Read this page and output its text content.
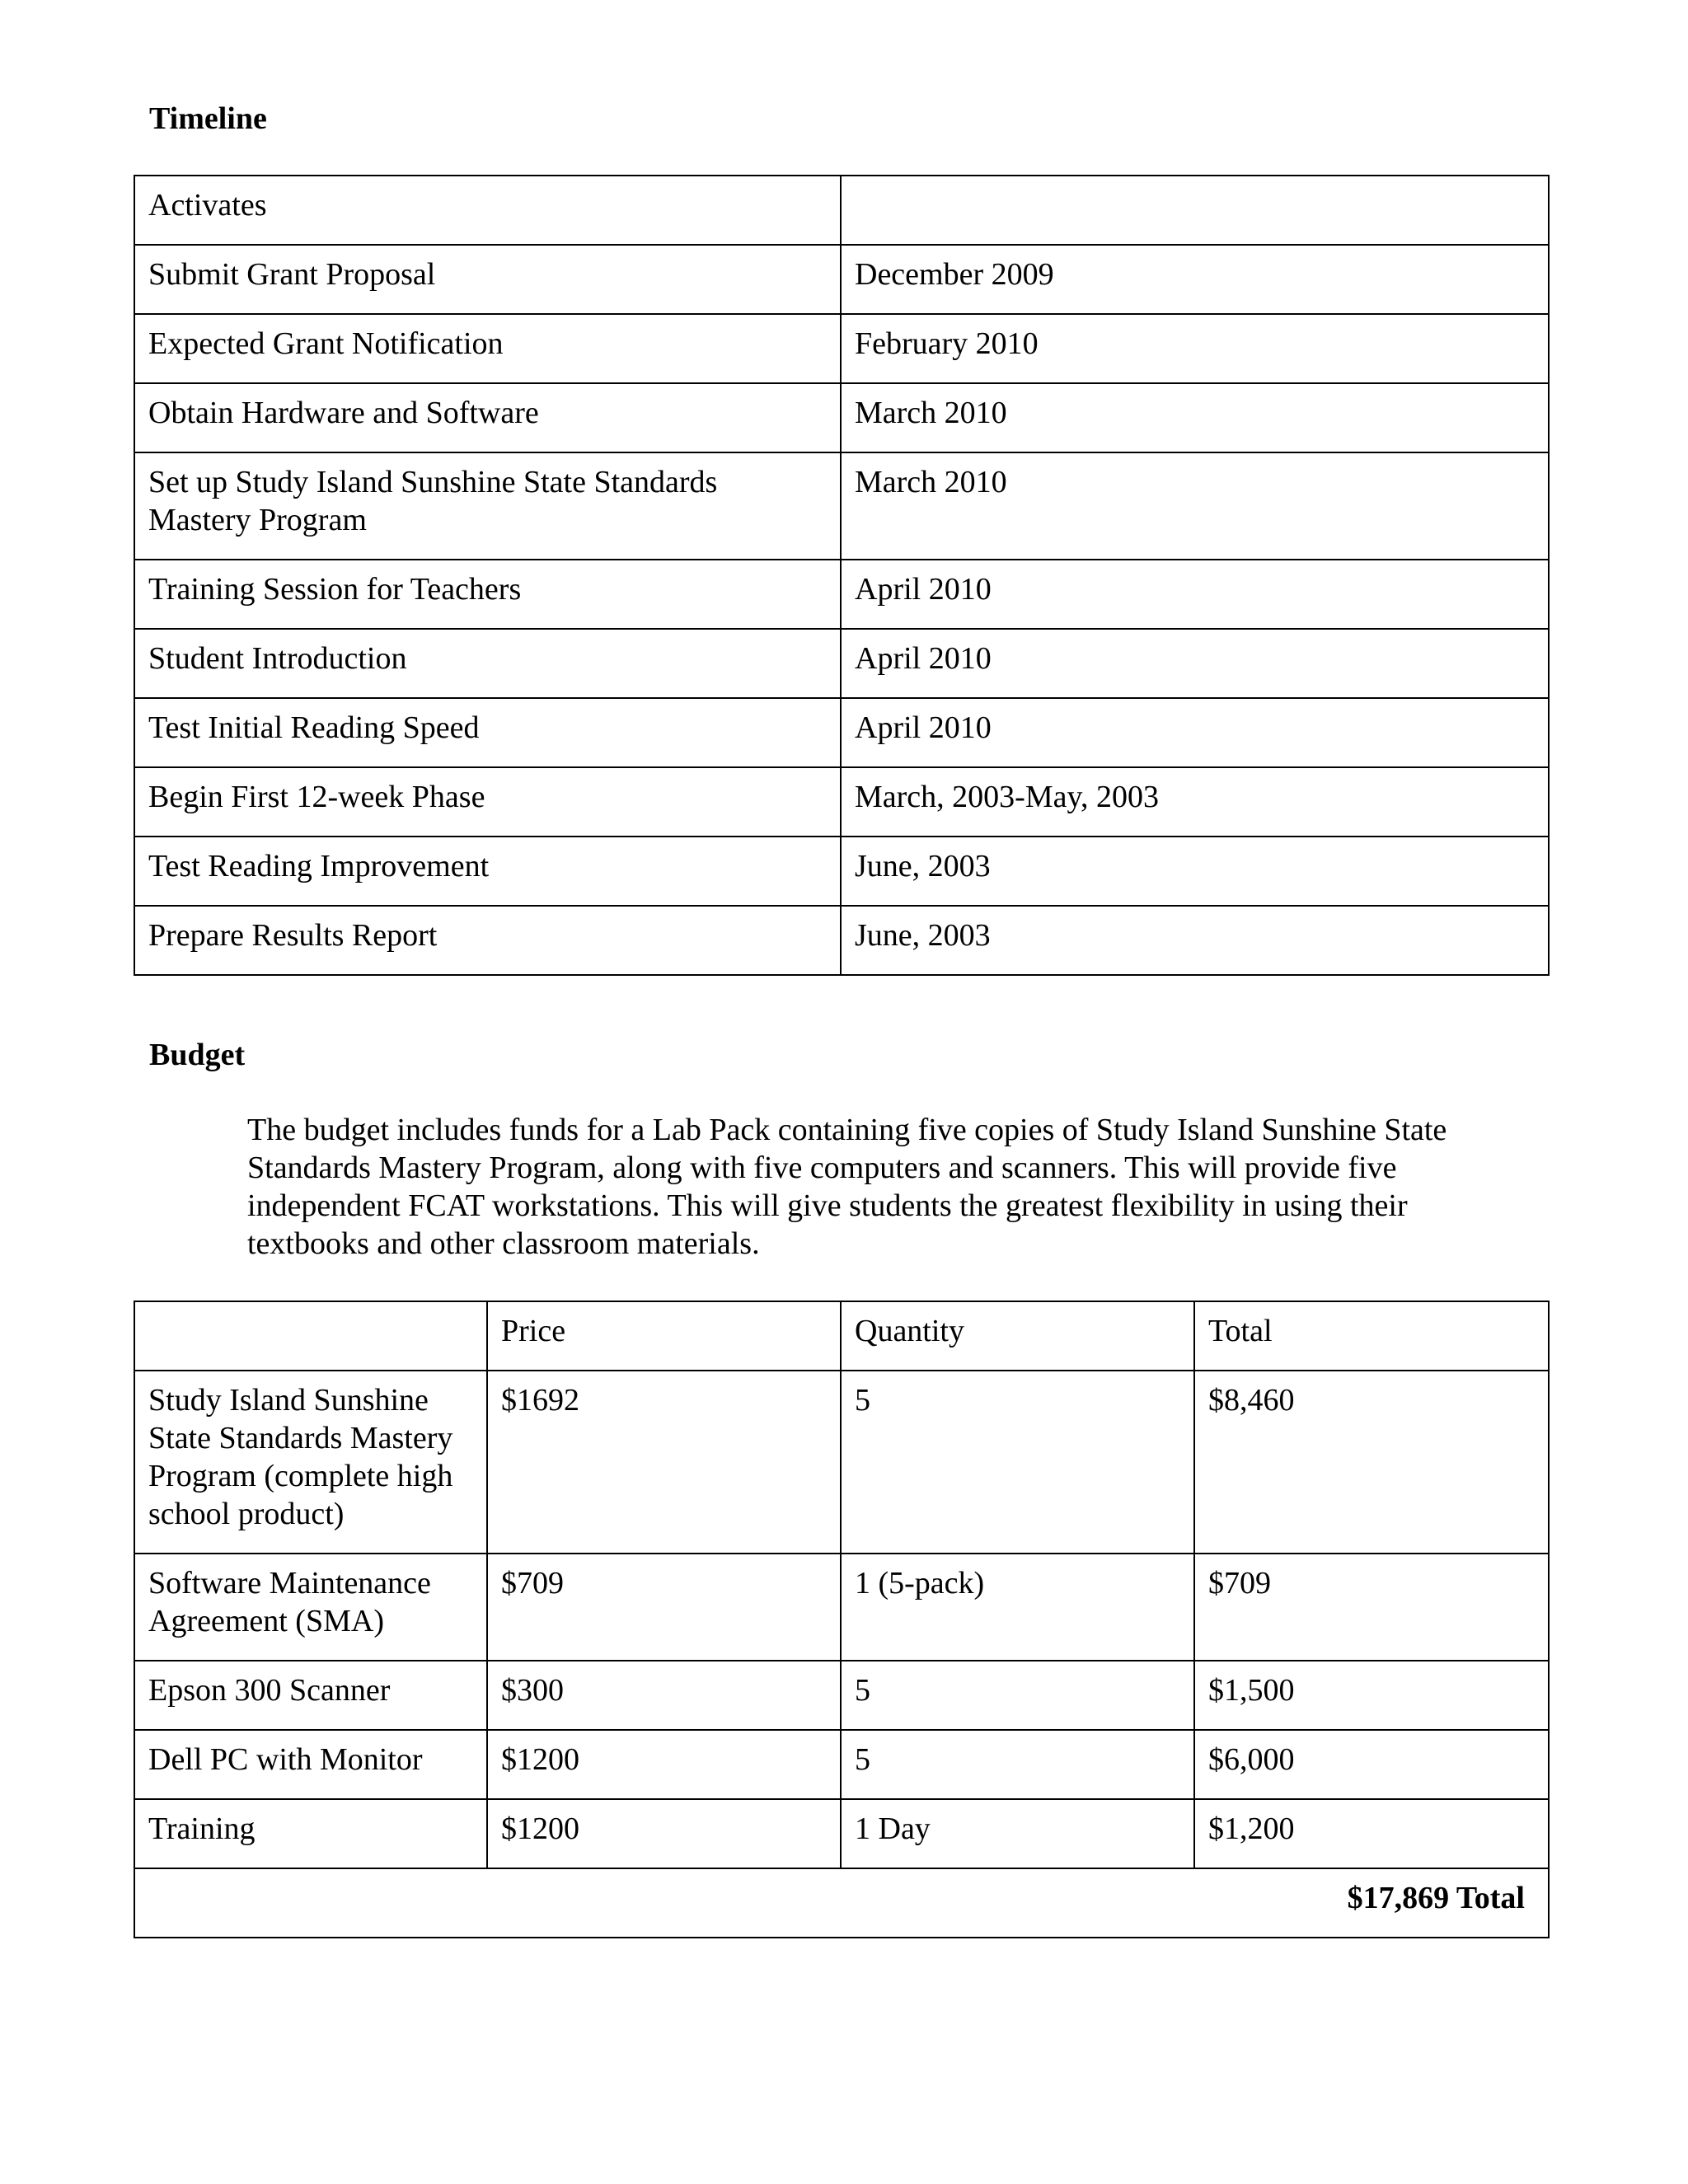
Timeline
Activates	
Submit Grant Proposal	December 2009
Expected Grant Notification	February 2010
Obtain Hardware and Software	March 2010
Set up Study Island Sunshine State Standards Mastery Program	March 2010
Training Session for Teachers	April 2010
Student Introduction	April 2010
Test Initial Reading Speed	April 2010
Begin First 12-week Phase	March, 2003-May, 2003
Test Reading Improvement	June, 2003
Prepare Results Report	June, 2003
Budget

The budget includes funds for a Lab Pack containing five copies of Study Island Sunshine State Standards Mastery Program, along with five computers and scanners. This will provide five independent FCAT workstations. This will give students the greatest flexibility in using their textbooks and other classroom materials.

	Price	Quantity	Total
Study Island Sunshine State Standards Mastery Program (complete high school product)	$1692	5	$8,460
Software Maintenance Agreement (SMA)	$709	1 (5-pack)	$709
Epson 300 Scanner	$300	5	$1,500
Dell PC with Monitor	$1200	5	$6,000
Training	$1200	1 Day	$1,200
$17,869 Total			
